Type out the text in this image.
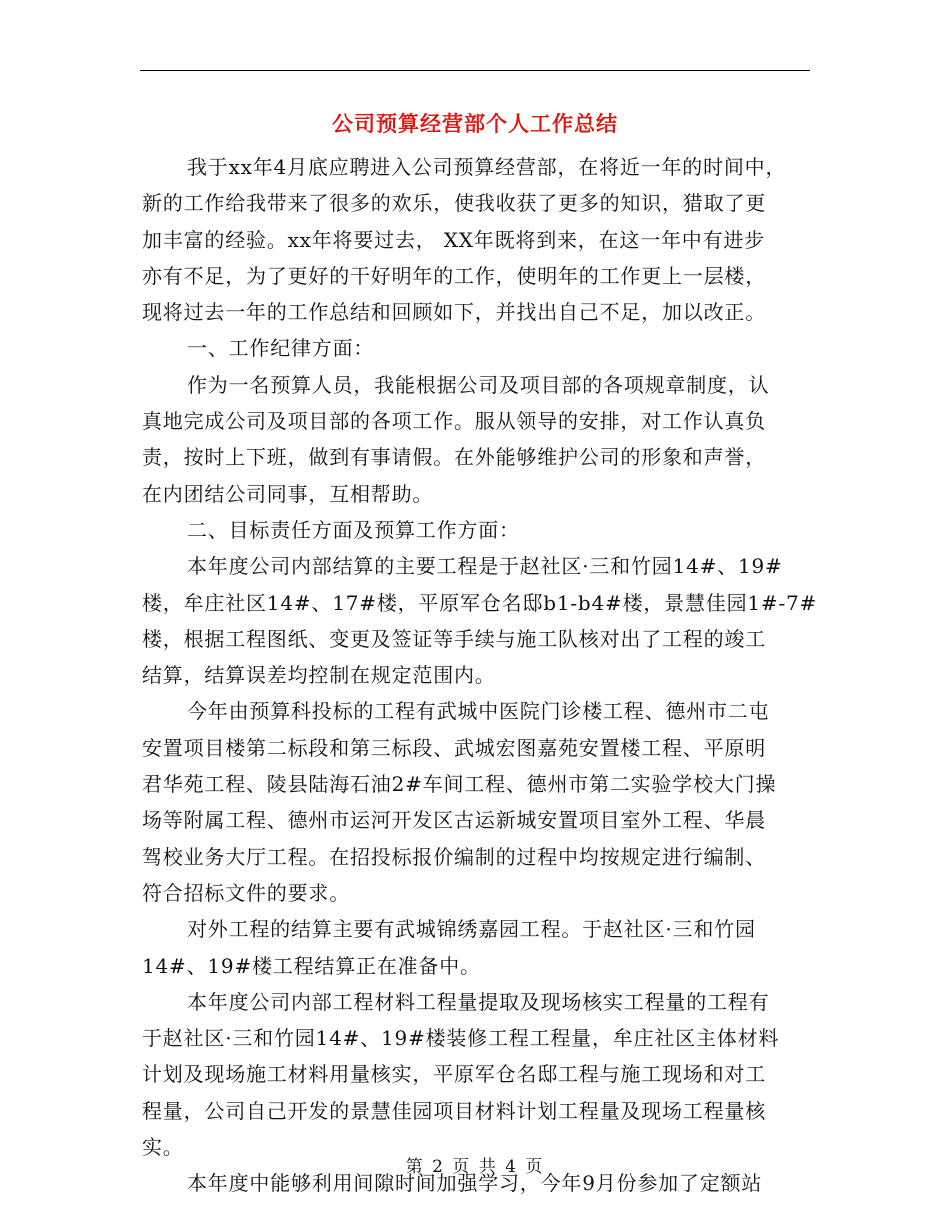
公司预算经营部个人工作总结

我于xx年4月底应聘进入公司预算经营部，在将近一年的时间中，
新的工作给我带来了很多的欢乐，使我收获了更多的知识，猎取了更
加丰富的经验。xx年将要过去， XX年既将到来，在这一年中有进步
亦有不足，为了更好的干好明年的工作，使明年的工作更上一层楼，
现将过去一年的工作总结和回顾如下，并找出自己不足，加以改正。

一、工作纪律方面：

作为一名预算人员，我能根据公司及项目部的各项规章制度，认
真地完成公司及项目部的各项工作。服从领导的安排，对工作认真负
责，按时上下班，做到有事请假。在外能够维护公司的形象和声誉，
在内团结公司同事，互相帮助。

二、目标责任方面及预算工作方面：

本年度公司内部结算的主要工程是于赵社区·三和竹园14#、19#
楼，牟庄社区14#、17#楼，平原军仓名邸b1-b4#楼，景慧佳园1#-7#
楼，根据工程图纸、变更及签证等手续与施工队核对出了工程的竣工
结算，结算误差均控制在规定范围内。

今年由预算科投标的工程有武城中医院门诊楼工程、德州市二屯
安置项目楼第二标段和第三标段、武城宏图嘉苑安置楼工程、平原明
君华苑工程、陵县陆海石油2#车间工程、德州市第二实验学校大门操
场等附属工程、德州市运河开发区古运新城安置项目室外工程、华晨
驾校业务大厅工程。在招投标报价编制的过程中均按规定进行编制、
符合招标文件的要求。

对外工程的结算主要有武城锦绣嘉园工程。于赵社区·三和竹园
14#、19#楼工程结算正在准备中。

本年度公司内部工程材料工程量提取及现场核实工程量的工程有
于赵社区·三和竹园14#、19#楼装修工程工程量，牟庄社区主体材料
计划及现场施工材料用量核实，平原军仓名邸工程与施工现场和对工
程量，公司自己开发的景慧佳园项目材料计划工程量及现场工程量核
实。

本年度中能够利用间隙时间加强学习，今年9月份参加了定额站

第 2 页 共 4 页
